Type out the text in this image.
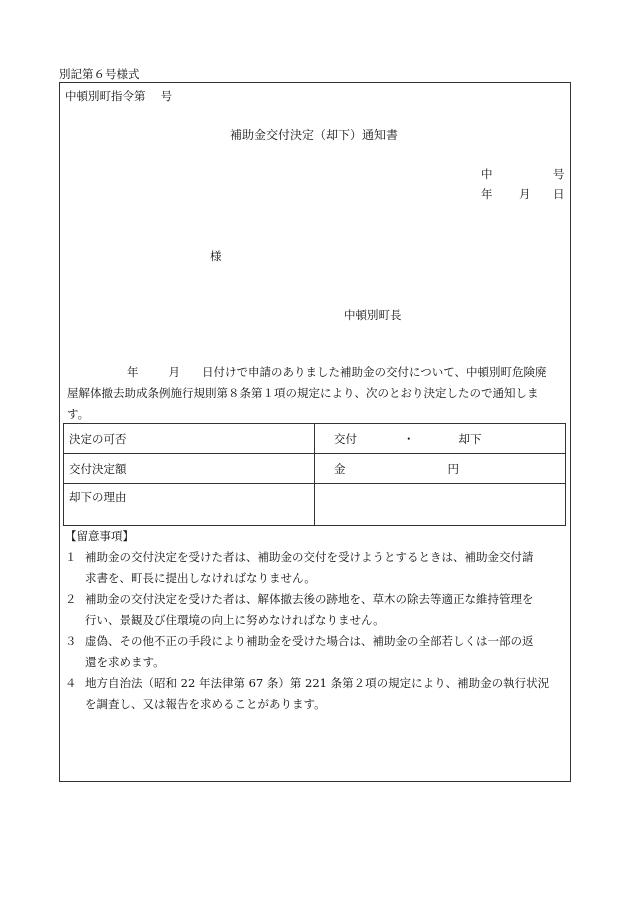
別記第６号様式
中頓別町指令第　 号
補助金交付決定（却下）通知書
中	号
年 月 日
様
中頓別町長
年	月 日付けで申請のありました補助金の交付について、中頓別町危険廃
屋解体撤去助成条例施行規則第８条第１項の規定により、次のとおり決定したので通知しま
す。
決定の可否	交付 ・ 却下
交付決定額	金 円
却下の理由	
【留意事項】
１ 補助金の交付決定を受けた者は、補助金の交付を受けようとするときは、補助金交付請
求書を、町長に提出しなければなりません。
２ 補助金の交付決定を受けた者は、解体撤去後の跡地を、草木の除去等適正な維持管理を
行い、景観及び住環境の向上に努めなければなりません。
３ 虚偽、その他不正の手段により補助金を受けた場合は、補助金の全部若しくは一部の返
還を求めます。
４ 地方自治法（昭和 22 年法律第 67 条）第 221 条第２項の規定により、補助金の執行状況
を調査し、又は報告を求めることがあります。
